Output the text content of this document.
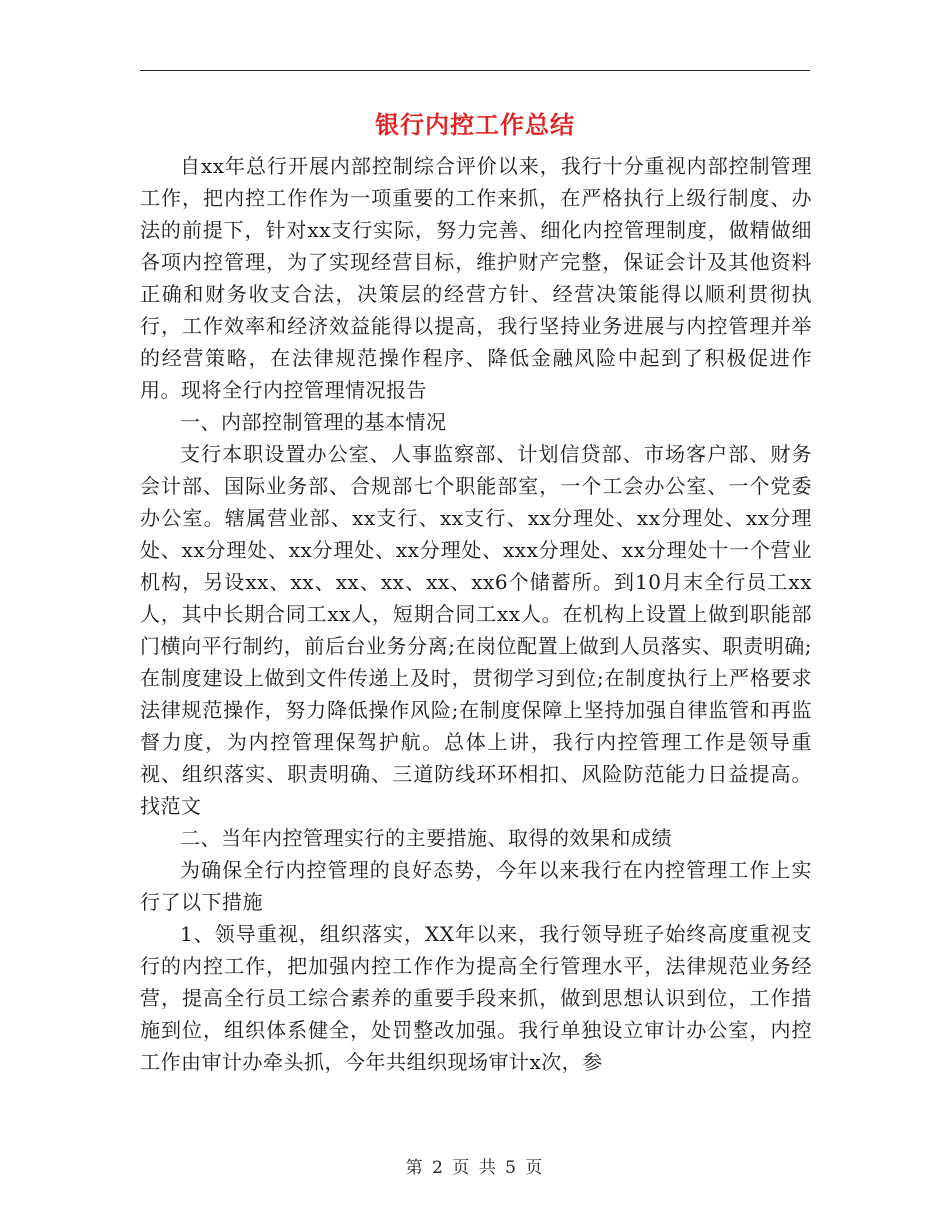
银行内控工作总结

自xx年总行开展内部控制综合评价以来，我行十分重视内部控制管理工作，把内控工作作为一项重要的工作来抓，在严格执行上级行制度、办法的前提下，针对xx支行实际，努力完善、细化内控管理制度，做精做细各项内控管理，为了实现经营目标，维护财产完整，保证会计及其他资料正确和财务收支合法，决策层的经营方针、经营决策能得以顺利贯彻执行，工作效率和经济效益能得以提高，我行坚持业务进展与内控管理并举的经营策略，在法律规范操作程序、降低金融风险中起到了积极促进作用。现将全行内控管理情况报告

一、内部控制管理的基本情况

支行本职设置办公室、人事监察部、计划信贷部、市场客户部、财务会计部、国际业务部、合规部七个职能部室，一个工会办公室、一个党委办公室。辖属营业部、xx支行、xx支行、xx分理处、xx分理处、xx分理处、xx分理处、xx分理处、xx分理处、xxx分理处、xx分理处十一个营业机构，另设xx、xx、xx、xx、xx、xx6个储蓄所。到10月末全行员工xx人，其中长期合同工xx人，短期合同工xx人。在机构上设置上做到职能部门横向平行制约，前后台业务分离;在岗位配置上做到人员落实、职责明确;在制度建设上做到文件传递上及时，贯彻学习到位;在制度执行上严格要求法律规范操作，努力降低操作风险;在制度保障上坚持加强自律监管和再监督力度，为内控管理保驾护航。总体上讲，我行内控管理工作是领导重视、组织落实、职责明确、三道防线环环相扣、风险防范能力日益提高。找范文

二、当年内控管理实行的主要措施、取得的效果和成绩

为确保全行内控管理的良好态势，今年以来我行在内控管理工作上实行了以下措施

1、领导重视，组织落实，XX年以来，我行领导班子始终高度重视支行的内控工作，把加强内控工作作为提高全行管理水平，法律规范业务经营，提高全行员工综合素养的重要手段来抓，做到思想认识到位，工作措施到位，组织体系健全，处罚整改加强。我行单独设立审计办公室，内控工作由审计办牵头抓，今年共组织现场审计x次，参

第 2 页 共 5 页
